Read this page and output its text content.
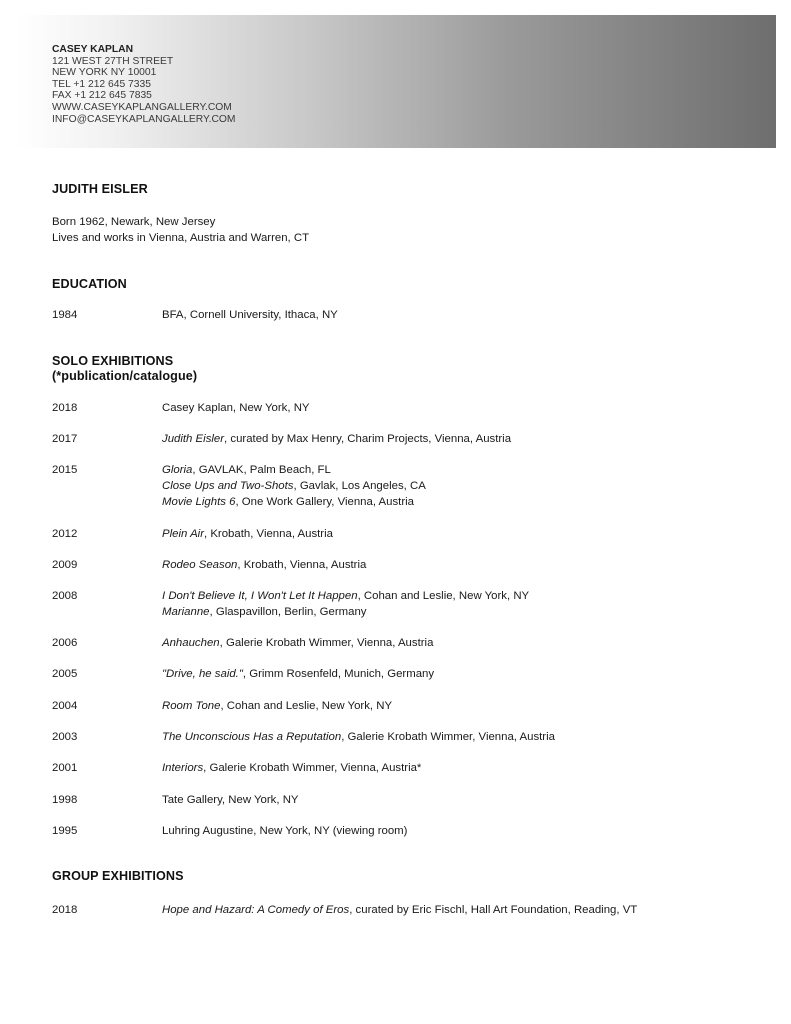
CASEY KAPLAN
121 WEST 27TH STREET
NEW YORK NY 10001
TEL +1 212 645 7335
FAX +1 212 645 7835
WWW.CASEYKAPLANGALLERY.COM
INFO@CASEYKAPLANGALLERY.COM
JUDITH EISLER
Born 1962, Newark, New Jersey
Lives and works in Vienna, Austria and Warren, CT
EDUCATION
1984	BFA, Cornell University, Ithaca, NY
SOLO EXHIBITIONS
(*publication/catalogue)
2018	Casey Kaplan, New York, NY
2017	Judith Eisler, curated by Max Henry, Charim Projects, Vienna, Austria
2015	Gloria, GAVLAK, Palm Beach, FL
Close Ups and Two-Shots, Gavlak, Los Angeles, CA
Movie Lights 6, One Work Gallery, Vienna, Austria
2012	Plein Air, Krobath, Vienna, Austria
2009	Rodeo Season, Krobath, Vienna, Austria
2008	I Don't Believe It, I Won't Let It Happen, Cohan and Leslie, New York, NY
Marianne, Glaspavillon, Berlin, Germany
2006	Anhauchen, Galerie Krobath Wimmer, Vienna, Austria
2005	"Drive, he said.", Grimm Rosenfeld, Munich, Germany
2004	Room Tone, Cohan and Leslie, New York, NY
2003	The Unconscious Has a Reputation, Galerie Krobath Wimmer, Vienna, Austria
2001	Interiors, Galerie Krobath Wimmer, Vienna, Austria*
1998	Tate Gallery, New York, NY
1995	Luhring Augustine, New York, NY (viewing room)
GROUP EXHIBITIONS
2018	Hope and Hazard: A Comedy of Eros, curated by Eric Fischl, Hall Art Foundation, Reading, VT
